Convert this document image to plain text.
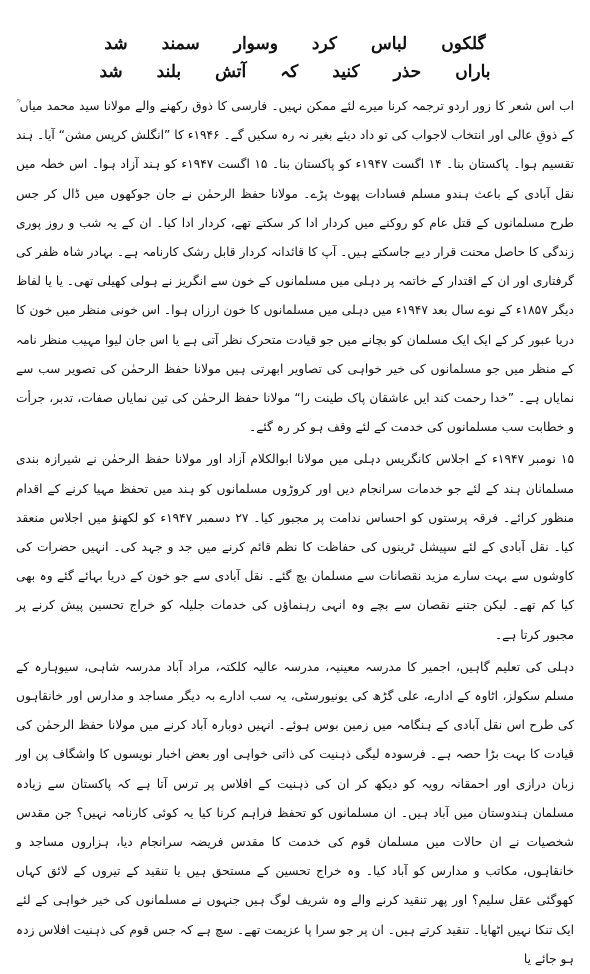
گلکوں
لباس
کرد
وسوار
سمند
شد
باراں
حذر
کنید
کہ
آتش
بلند
شد

اب اس شعر کا زور اردو ترجمہ کرنا میرے لئے ممکن نہیں۔ فارسی کا ذوق رکھنے والے مولانا سید محمد میاں ؒ کے ذوقِ عالی اور انتخاب لاجواب کی تو داد دیئے بغیر نہ رہ سکیں گے۔ ۱۹۴۶ء کا ”انگلش کرپس مشن“ آیا۔ ہند تقسیم ہوا۔ پاکستان بنا۔ ۱۴ اگست ۱۹۴۷ء کو پاکستان بنا۔ ۱۵ اگست ۱۹۴۷ء کو ہند آزاد ہوا۔ اس خطہ میں نقل آبادی کے باعث ہندو مسلم فسادات پھوٹ پڑے۔ مولانا حفظ الرحمٰن نے جان جوکھوں میں ڈال کر جس طرح مسلمانوں کے قتل عام کو روکنے میں کردار ادا کر سکتے تھے، کردار ادا کیا۔ ان کے یہ شب و روز پوری زندگی کا حاصل محنت قرار دیے جاسکتے ہیں۔ آپ کا قائدانہ کردار قابل رشک کارنامہ ہے۔ بہادر شاہ ظفر کی گرفتاری اور ان کے اقتدار کے خاتمہ پر دہلی میں مسلمانوں کے خون سے انگریز نے ہولی کھیلی تھی۔ یا یا لفاظ دیگر ۱۸۵۷ء کے نوے سال بعد ۱۹۴۷ء میں دہلی میں مسلمانوں کا خون ارزاں ہوا۔ اس خونی منظر میں خون کا دریا عبور کر کے ایک ایک مسلمان کو بچانے میں جو قیادت متحرک نظر آتی ہے یا اس جان لیوا مہیب منظر نامہ کے منظر میں جو مسلمانوں کی خیر خواہی کی تصاویر ابھرتی ہیں مولانا حفظ الرحمٰن کی تصویر سب سے نمایاں ہے۔ ”خدا رحمت کند ایں عاشقان پاک طینت را“ مولانا حفظ الرحمٰن کی تین نمایاں صفات، تدبر، جرأت و خطابت سب مسلمانوں کی خدمت کے لئے وقف ہو کر رہ گئے۔

۱۵ نومبر ۱۹۴۷ء کے اجلاس کانگریس دہلی میں مولانا ابوالکلام آزاد اور مولانا حفظ الرحمٰن نے شیرازہ بندی مسلمانان ہند کے لئے جو خدمات سرانجام دیں اور کروڑوں مسلمانوں کو ہند میں تحفظ مہیا کرنے کے اقدام منظور کرائے۔ فرقہ پرستوں کو احساس ندامت پر مجبور کیا۔ ۲۷ دسمبر ۱۹۴۷ء کو لکھنؤ میں اجلاس منعقد کیا۔ نقل آبادی کے لئے سپیشل ٹرینوں کی حفاظت کا نظم قائم کرنے میں جد و جہد کی۔ انہیں حضرات کی کاوشوں سے بہت سارے مزید نقصانات سے مسلمان بچ گئے۔ نقل آبادی سے جو خون کے دریا بہائے گئے وہ بھی کیا کم تھے۔ لیکن جتنے نقصان سے بچے وہ انہی رہنماؤں کی خدمات جلیلہ کو خراج تحسین پیش کرنے پر مجبور کرتا ہے۔

دہلی کی تعلیم گاہیں، اجمیر کا مدرسہ معینیہ، مدرسہ عالیہ کلکتہ، مراد آباد مدرسہ شاہی، سیوہارہ کے مسلم سکولز، اٹاوہ کے ادارے، علی گڑھ کی یونیورسٹی، یہ سب ادارے بہ دیگر مساجد و مدارس اور خانقاہوں کی طرح اس نقل آبادی کے ہنگامہ میں زمین بوس ہوئے۔ انہیں دوبارہ آباد کرنے میں مولانا حفظ الرحمٰن کی قیادت کا بہت بڑا حصہ ہے۔ فرسودہ لیگی ذہنیت کی ذاتی خواہی اور بعض اخبار نویسوں کا واشگاف پن اور زبان درازی اور احمقانہ رویہ کو دیکھ کر ان کی ذہنیت کے افلاس پر ترس آتا ہے کہ پاکستان سے زیادہ مسلمان ہندوستان میں آباد ہیں۔ ان مسلمانوں کو تحفظ فراہم کرنا کیا یہ کوئی کارنامہ نہیں؟ جن مقدس شخصیات نے ان حالات میں مسلمان قوم کی خدمت کا مقدس فریضہ سرانجام دیا، ہزاروں مساجد و خانقاہوں، مکاتب و مدارس کو آباد کیا۔ وہ خراج تحسین کے مستحق ہیں یا تنقید کے تیروں کے لائق کہاں کھوگئی عقل سلیم؟ اور پھر تنقید کرنے والے وہ شریف لوگ ہیں جنہوں نے مسلمانوں کی خیر خواہی کے لئے ایک تنکا نہیں اٹھایا۔ تنقید کرتے ہیں۔ ان پر جو سرا پا عزیمت تھے۔ سچ ہے کہ جس قوم کی ذہنیت افلاس زدہ ہو جائے یا
